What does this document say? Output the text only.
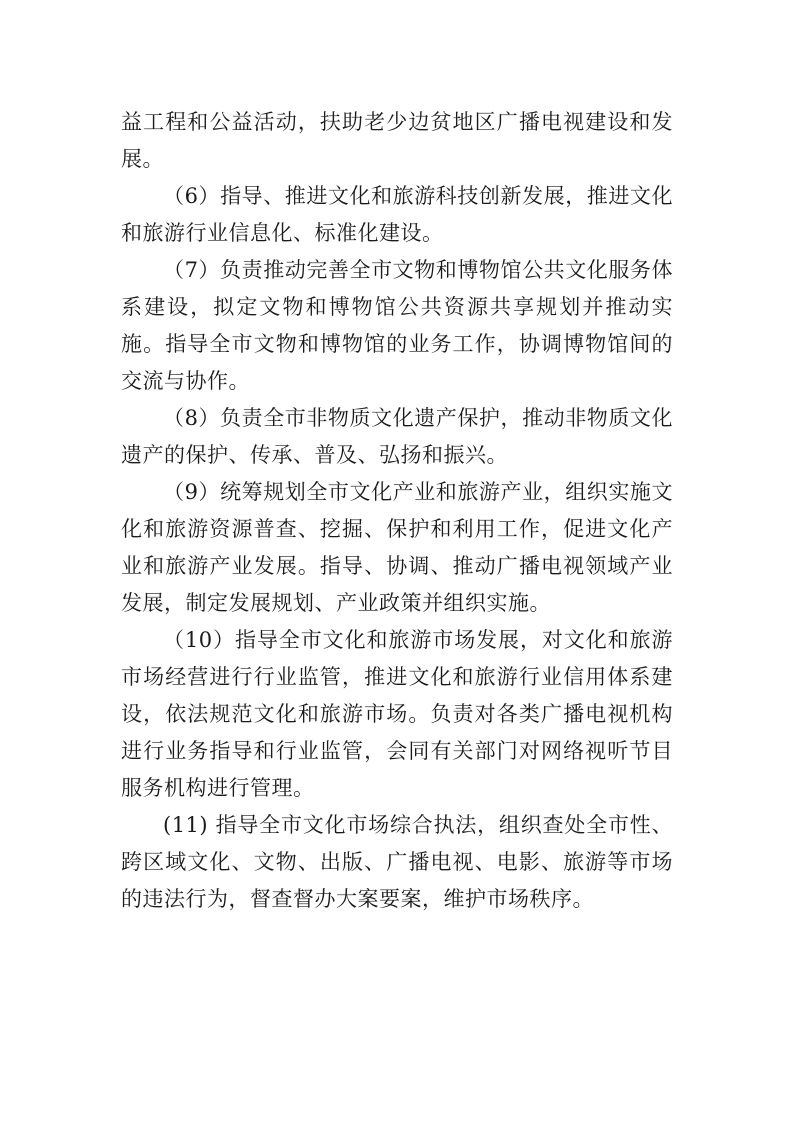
益工程和公益活动，扶助老少边贫地区广播电视建设和发展。

（6）指导、推进文化和旅游科技创新发展，推进文化和旅游行业信息化、标准化建设。

（7）负责推动完善全市文物和博物馆公共文化服务体系建设，拟定文物和博物馆公共资源共享规划并推动实施。指导全市文物和博物馆的业务工作，协调博物馆间的交流与协作。

（8）负责全市非物质文化遗产保护，推动非物质文化遗产的保护、传承、普及、弘扬和振兴。

（9）统筹规划全市文化产业和旅游产业，组织实施文化和旅游资源普查、挖掘、保护和利用工作，促进文化产业和旅游产业发展。指导、协调、推动广播电视领域产业发展，制定发展规划、产业政策并组织实施。

（10）指导全市文化和旅游市场发展，对文化和旅游市场经营进行行业监管，推进文化和旅游行业信用体系建设，依法规范文化和旅游市场。负责对各类广播电视机构进行业务指导和行业监管，会同有关部门对网络视听节目服务机构进行管理。

(11) 指导全市文化市场综合执法，组织查处全市性、跨区域文化、文物、出版、广播电视、电影、旅游等市场的违法行为，督查督办大案要案，维护市场秩序。
